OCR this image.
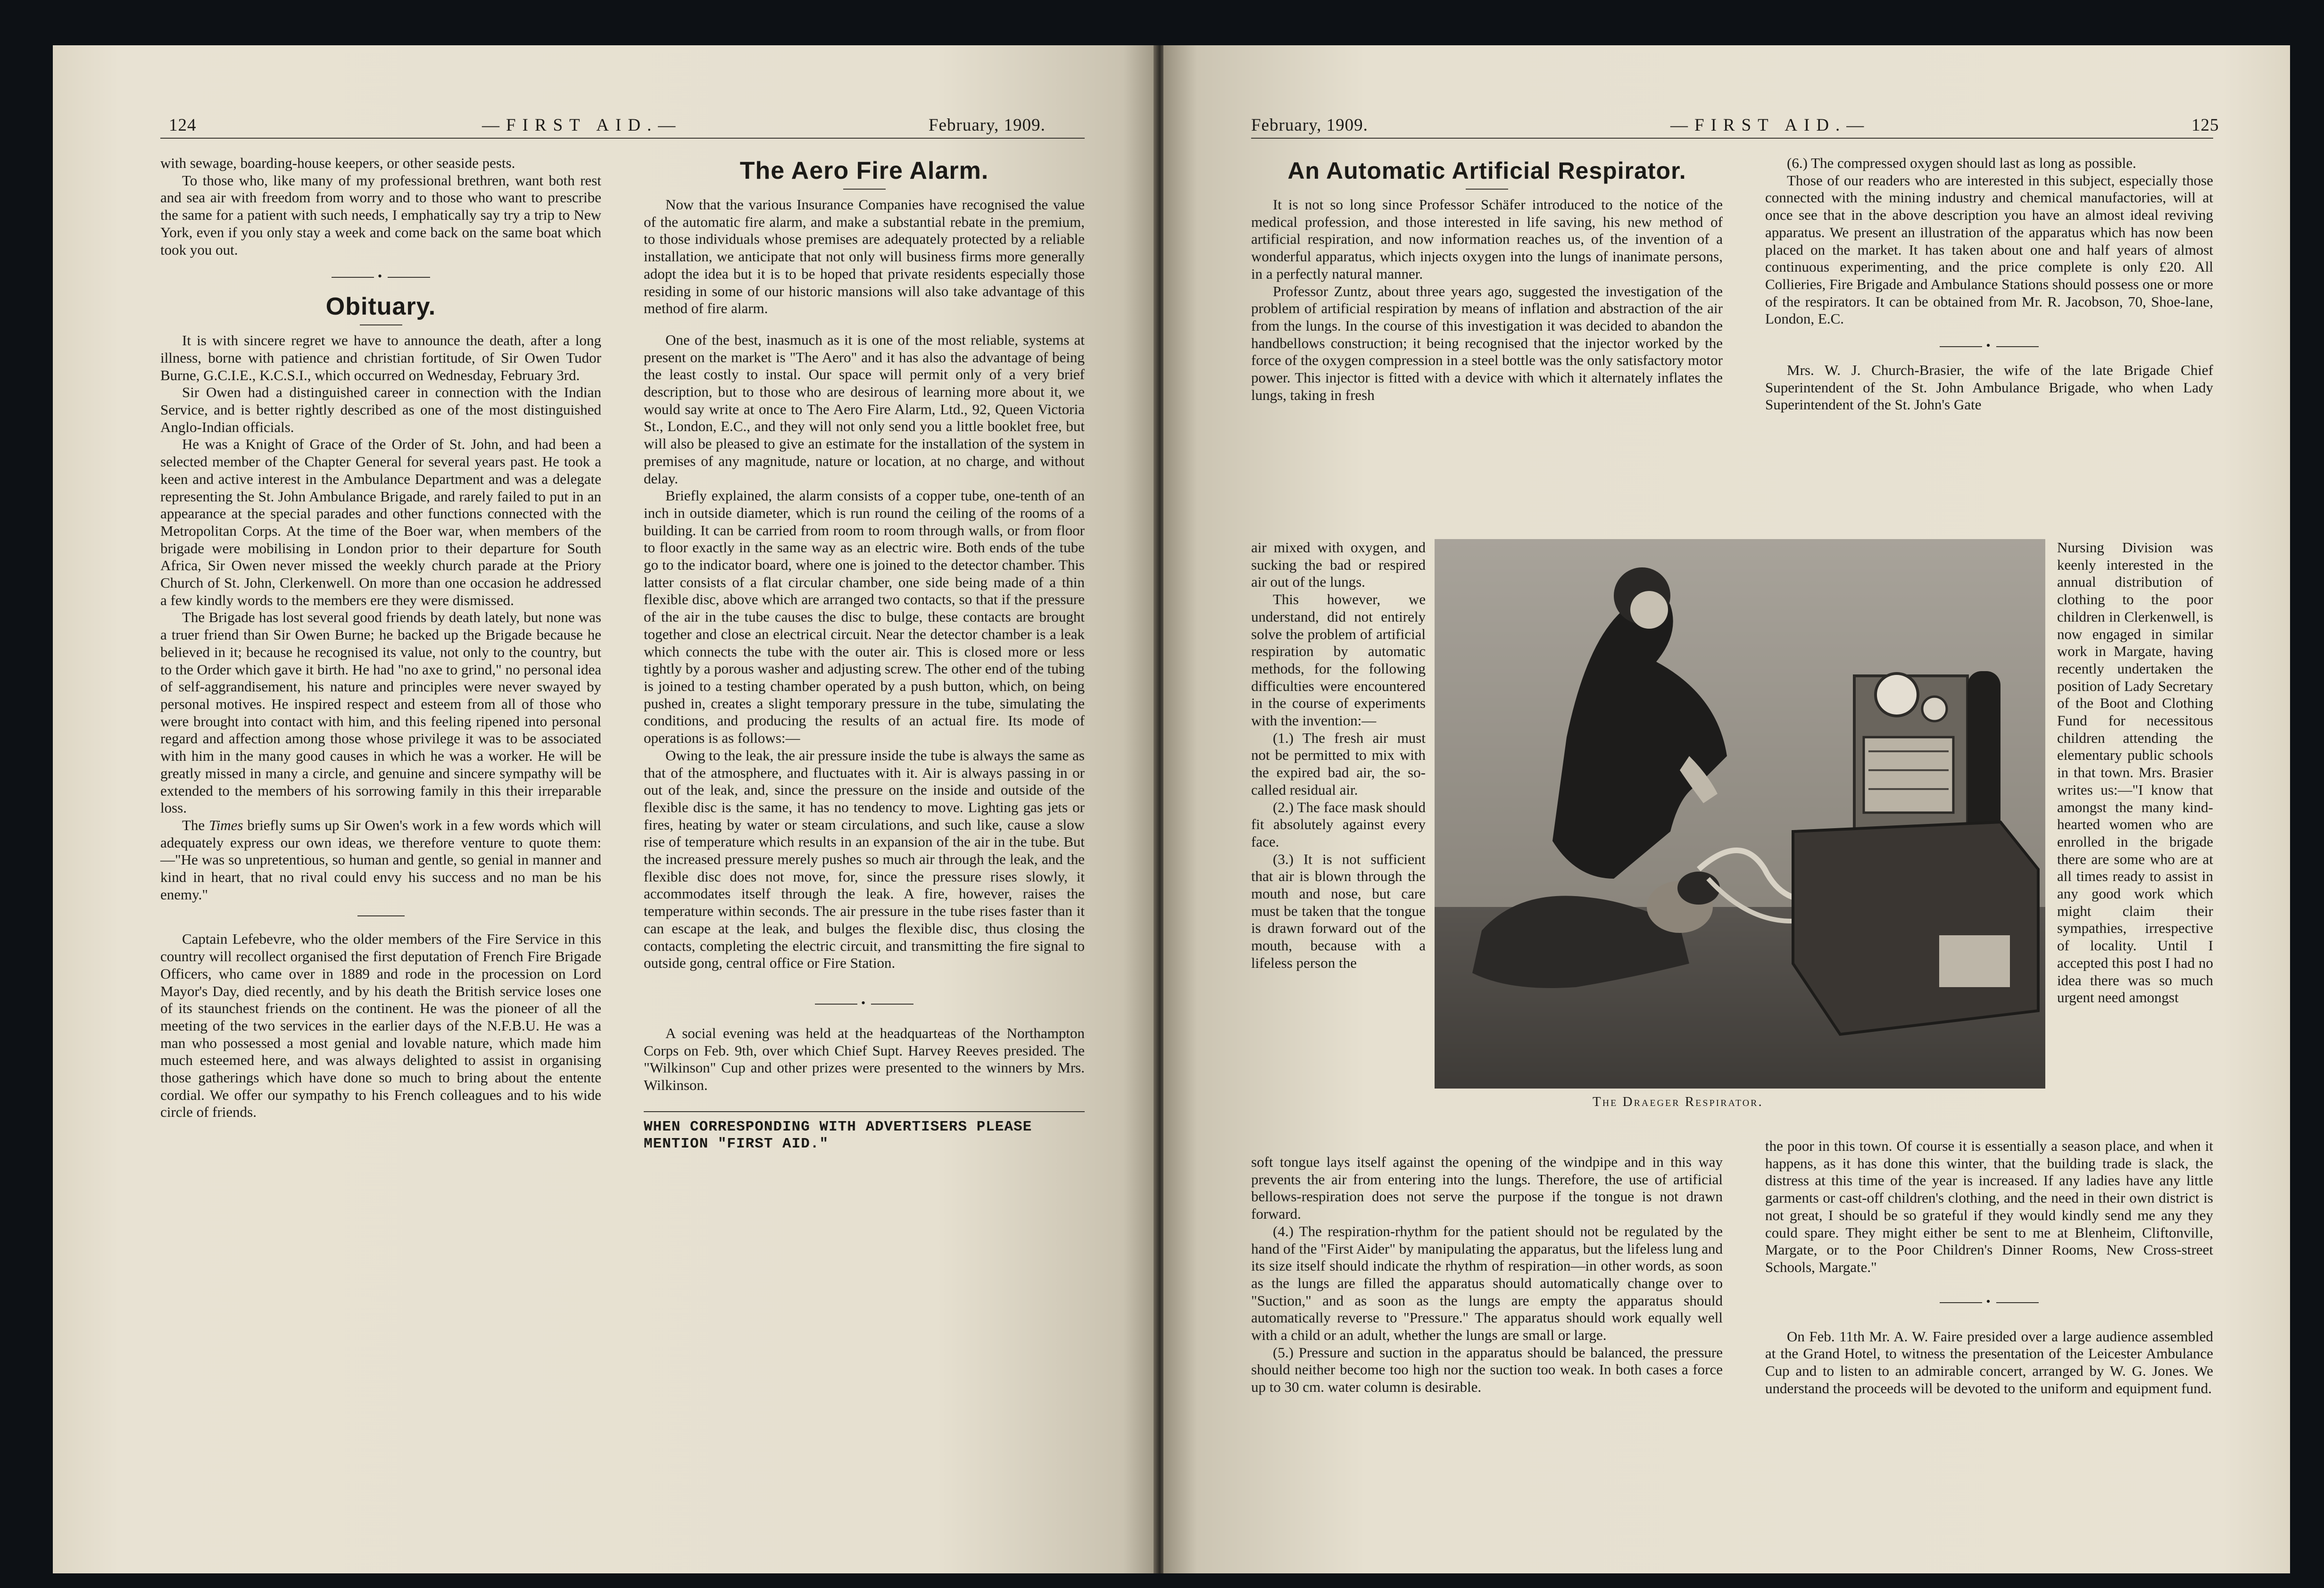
124	—FIRST AID.—	February, 1909.

with sewage, boarding-house keepers, or other seaside pests.

To those who, like many of my professional brethren, want both rest and sea air with freedom from worry and to those who want to prescribe the same for a patient with such needs, I emphatically say try a trip to New York, even if you only stay a week and come back on the same boat which took you out.

•
Obituary.

It is with sincere regret we have to announce the death, after a long illness, borne with patience and christian fortitude, of Sir Owen Tudor Burne, G.C.I.E., K.C.S.I., which occurred on Wednesday, February 3rd.

Sir Owen had a distinguished career in connection with the Indian Service, and is better rightly described as one of the most distinguished Anglo-Indian officials.

He was a Knight of Grace of the Order of St. John, and had been a selected member of the Chapter General for several years past. He took a keen and active interest in the Ambulance Department and was a delegate representing the St. John Ambulance Brigade, and rarely failed to put in an appearance at the special parades and other functions connected with the Metropolitan Corps. At the time of the Boer war, when members of the brigade were mobilising in London prior to their departure for South Africa, Sir Owen never missed the weekly church parade at the Priory Church of St. John, Clerkenwell. On more than one occasion he addressed a few kindly words to the members ere they were dismissed.

The Brigade has lost several good friends by death lately, but none was a truer friend than Sir Owen Burne; he backed up the Brigade because he believed in it; because he recognised its value, not only to the country, but to the Order which gave it birth. He had "no axe to grind," no personal idea of self-aggrandisement, his nature and principles were never swayed by personal motives. He inspired respect and esteem from all of those who were brought into contact with him, and this feeling ripened into personal regard and affection among those whose privilege it was to be associated with him in the many good causes in which he was a worker. He will be greatly missed in many a circle, and genuine and sincere sympathy will be extended to the members of his sorrowing family in this their irreparable loss.

The Times briefly sums up Sir Owen's work in a few words which will adequately express our own ideas, we therefore venture to quote them:—"He was so unpretentious, so human and gentle, so genial in manner and kind in heart, that no rival could envy his success and no man be his enemy."

Captain Lefebevre, who the older members of the Fire Service in this country will recollect organised the first deputation of French Fire Brigade Officers, who came over in 1889 and rode in the procession on Lord Mayor's Day, died recently, and by his death the British service loses one of its staunchest friends on the continent. He was the pioneer of all the meeting of the two services in the earlier days of the N.F.B.U. He was a man who possessed a most genial and lovable nature, which made him much esteemed here, and was always delighted to assist in organising those gatherings which have done so much to bring about the entente cordial. We offer our sympathy to his French colleagues and to his wide circle of friends.

The Aero Fire Alarm.

Now that the various Insurance Companies have recognised the value of the automatic fire alarm, and make a substantial rebate in the premium, to those individuals whose premises are adequately protected by a reliable installation, we anticipate that not only will business firms more generally adopt the idea but it is to be hoped that private residents especially those residing in some of our historic mansions will also take advantage of this method of fire alarm.

One of the best, inasmuch as it is one of the most reliable, systems at present on the market is "The Aero" and it has also the advantage of being the least costly to instal. Our space will permit only of a very brief description, but to those who are desirous of learning more about it, we would say write at once to The Aero Fire Alarm, Ltd., 92, Queen Victoria St., London, E.C., and they will not only send you a little booklet free, but will also be pleased to give an estimate for the installation of the system in premises of any magnitude, nature or location, at no charge, and without delay.

Briefly explained, the alarm consists of a copper tube, one-tenth of an inch in outside diameter, which is run round the ceiling of the rooms of a building. It can be carried from room to room through walls, or from floor to floor exactly in the same way as an electric wire. Both ends of the tube go to the indicator board, where one is joined to the detector chamber. This latter consists of a flat circular chamber, one side being made of a thin flexible disc, above which are arranged two contacts, so that if the pressure of the air in the tube causes the disc to bulge, these contacts are brought together and close an electrical circuit. Near the detector chamber is a leak which connects the tube with the outer air. This is closed more or less tightly by a porous washer and adjusting screw. The other end of the tubing is joined to a testing chamber operated by a push button, which, on being pushed in, creates a slight temporary pressure in the tube, simulating the conditions, and producing the results of an actual fire. Its mode of operations is as follows:—

Owing to the leak, the air pressure inside the tube is always the same as that of the atmosphere, and fluctuates with it. Air is always passing in or out of the leak, and, since the pressure on the inside and outside of the flexible disc is the same, it has no tendency to move. Lighting gas jets or fires, heating by water or steam circulations, and such like, cause a slow rise of temperature which results in an expansion of the air in the tube. But the increased pressure merely pushes so much air through the leak, and the flexible disc does not move, for, since the pressure rises slowly, it accommodates itself through the leak. A fire, however, raises the temperature within seconds. The air pressure in the tube rises faster than it can escape at the leak, and bulges the flexible disc, thus closing the contacts, completing the electric circuit, and transmitting the fire signal to outside gong, central office or Fire Station.

•

A social evening was held at the headquarteas of the Northampton Corps on Feb. 9th, over which Chief Supt. Harvey Reeves presided. The "Wilkinson" Cup and other prizes were presented to the winners by Mrs. Wilkinson.

WHEN CORRESPONDING WITH ADVERTISERS PLEASE MENTION "FIRST AID."
February, 1909.	—FIRST AID.—	125
An Automatic Artificial Respirator.

It is not so long since Professor Schäfer introduced to the notice of the medical profession, and those interested in life saving, his new method of artificial respiration, and now information reaches us, of the invention of a wonderful apparatus, which injects oxygen into the lungs of inanimate persons, in a perfectly natural manner.

Professor Zuntz, about three years ago, suggested the investigation of the problem of artificial respiration by means of inflation and abstraction of the air from the lungs. In the course of this investigation it was decided to abandon the handbellows construction; it being recognised that the injector worked by the force of the oxygen compression in a steel bottle was the only satisfactory motor power. This injector is fitted with a device with which it alternately inflates the lungs, taking in fresh

air mixed with oxygen, and sucking the bad or respired air out of the lungs.

This however, we understand, did not entirely solve the problem of artificial respiration by automatic methods, for the following difficulties were encountered in the course of experiments with the invention:—

(1.) The fresh air must not be permitted to mix with the expired bad air, the so-called residual air.

(2.) The face mask should fit absolutely against every face.

(3.) It is not sufficient that air is blown through the mouth and nose, but care must be taken that the tongue is drawn forward out of the mouth, because with a lifeless person the

soft tongue lays itself against the opening of the windpipe and in this way prevents the air from entering into the lungs. Therefore, the use of artificial bellows-respiration does not serve the purpose if the tongue is not drawn forward.

(4.) The respiration-rhythm for the patient should not be regulated by the hand of the "First Aider" by manipulating the apparatus, but the lifeless lung and its size itself should indicate the rhythm of respiration—in other words, as soon as the lungs are filled the apparatus should automatically change over to "Suction," and as soon as the lungs are empty the apparatus should automatically reverse to "Pressure." The apparatus should work equally well with a child or an adult, whether the lungs are small or large.

(5.) Pressure and suction in the apparatus should be balanced, the pressure should neither become too high nor the suction too weak. In both cases a force up to 30 cm. water column is desirable.

The Draeger Respirator.

(6.) The compressed oxygen should last as long as possible.

Those of our readers who are interested in this subject, especially those connected with the mining industry and chemical manufactories, will at once see that in the above description you have an almost ideal reviving apparatus. We present an illustration of the apparatus which has now been placed on the market. It has taken about one and half years of almost continuous experimenting, and the price complete is only £20. All Collieries, Fire Brigade and Ambulance Stations should possess one or more of the respirators. It can be obtained from Mr. R. Jacobson, 70, Shoe-lane, London, E.C.

•

Mrs. W. J. Church-Brasier, the wife of the late Brigade Chief Superintendent of the St. John Ambulance Brigade, who when Lady Superintendent of the St. John's Gate

Nursing Division was keenly interested in the annual distribution of clothing to the poor children in Clerkenwell, is now engaged in similar work in Margate, having recently undertaken the position of Lady Secretary of the Boot and Clothing Fund for necessitous children attending the elementary public schools in that town. Mrs. Brasier writes us:—"I know that amongst the many kind-hearted women who are enrolled in the brigade there are some who are at all times ready to assist in any good work which might claim their sympathies, irrespective of locality. Until I accepted this post I had no idea there was so much urgent need amongst

the poor in this town. Of course it is essentially a season place, and when it happens, as it has done this winter, that the building trade is slack, the distress at this time of the year is increased. If any ladies have any little garments or cast-off children's clothing, and the need in their own district is not great, I should be so grateful if they would kindly send me any they could spare. They might either be sent to me at Blenheim, Cliftonville, Margate, or to the Poor Children's Dinner Rooms, New Cross-street Schools, Margate."

•

On Feb. 11th Mr. A. W. Faire presided over a large audience assembled at the Grand Hotel, to witness the presentation of the Leicester Ambulance Cup and to listen to an admirable concert, arranged by W. G. Jones. We understand the proceeds will be devoted to the uniform and equipment fund.
